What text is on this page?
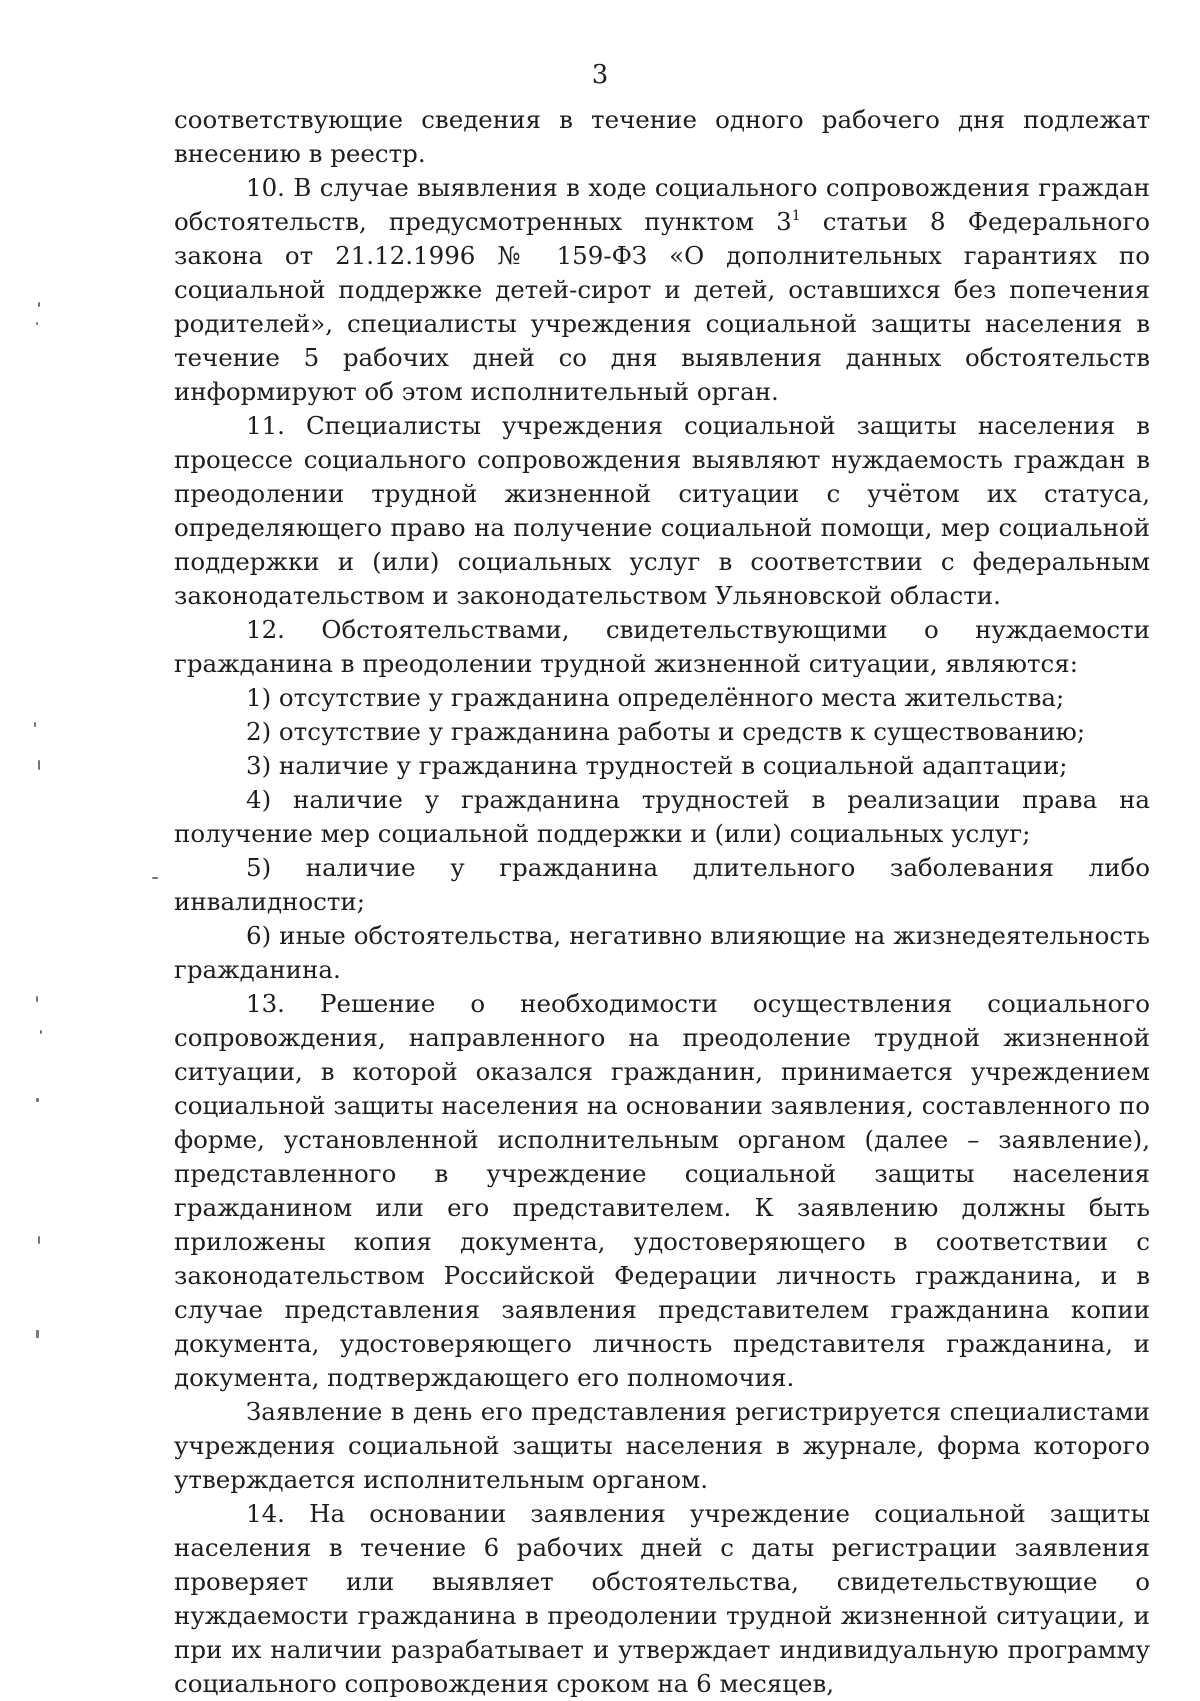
3

соответствующие сведения в течение одного рабочего дня подлежат внесению в реестр.

10. В случае выявления в ходе социального сопровождения граждан обстоятельств, предусмотренных пунктом $3^1$ статьи 8 Федерального закона от 21.12.1996 № 159-ФЗ «О дополнительных гарантиях по социальной поддержке детей-сирот и детей, оставшихся без попечения родителей», специалисты учреждения социальной защиты населения в течение 5 рабочих дней со дня выявления данных обстоятельств информируют об этом исполнительный орган.

11. Специалисты учреждения социальной защиты населения в процессе социального сопровождения выявляют нуждаемость граждан в преодолении трудной жизненной ситуации с учётом их статуса, определяющего право на получение социальной помощи, мер социальной поддержки и (или) социальных услуг в соответствии с федеральным законодательством и законодательством Ульяновской области.

12. Обстоятельствами, свидетельствующими о нуждаемости гражданина в преодолении трудной жизненной ситуации, являются:

1) отсутствие у гражданина определённого места жительства;

2) отсутствие у гражданина работы и средств к существованию;

3) наличие у гражданина трудностей в социальной адаптации;

4) наличие у гражданина трудностей в реализации права на получение мер социальной поддержки и (или) социальных услуг;

5) наличие у гражданина длительного заболевания либо инвалидности;

6) иные обстоятельства, негативно влияющие на жизнедеятельность гражданина.

13. Решение о необходимости осуществления социального сопровождения, направленного на преодоление трудной жизненной ситуации, в которой оказался гражданин, принимается учреждением социальной защиты населения на основании заявления, составленного по форме, установленной исполнительным органом (далее – заявление), представленного в учреждение социальной защиты населения гражданином или его представителем. К заявлению должны быть приложены копия документа, удостоверяющего в соответствии с законодательством Российской Федерации личность гражданина, и в случае представления заявления представителем гражданина копии документа, удостоверяющего личность представителя гражданина, и документа, подтверждающего его полномочия.

Заявление в день его представления регистрируется специалистами учреждения социальной защиты населения в журнале, форма которого утверждается исполнительным органом.

14. На основании заявления учреждение социальной защиты населения в течение 6 рабочих дней с даты регистрации заявления проверяет или выявляет обстоятельства, свидетельствующие о нуждаемости гражданина в преодолении трудной жизненной ситуации, и при их наличии разрабатывает и утверждает индивидуальную программу социального сопровождения сроком на 6 месяцев,
